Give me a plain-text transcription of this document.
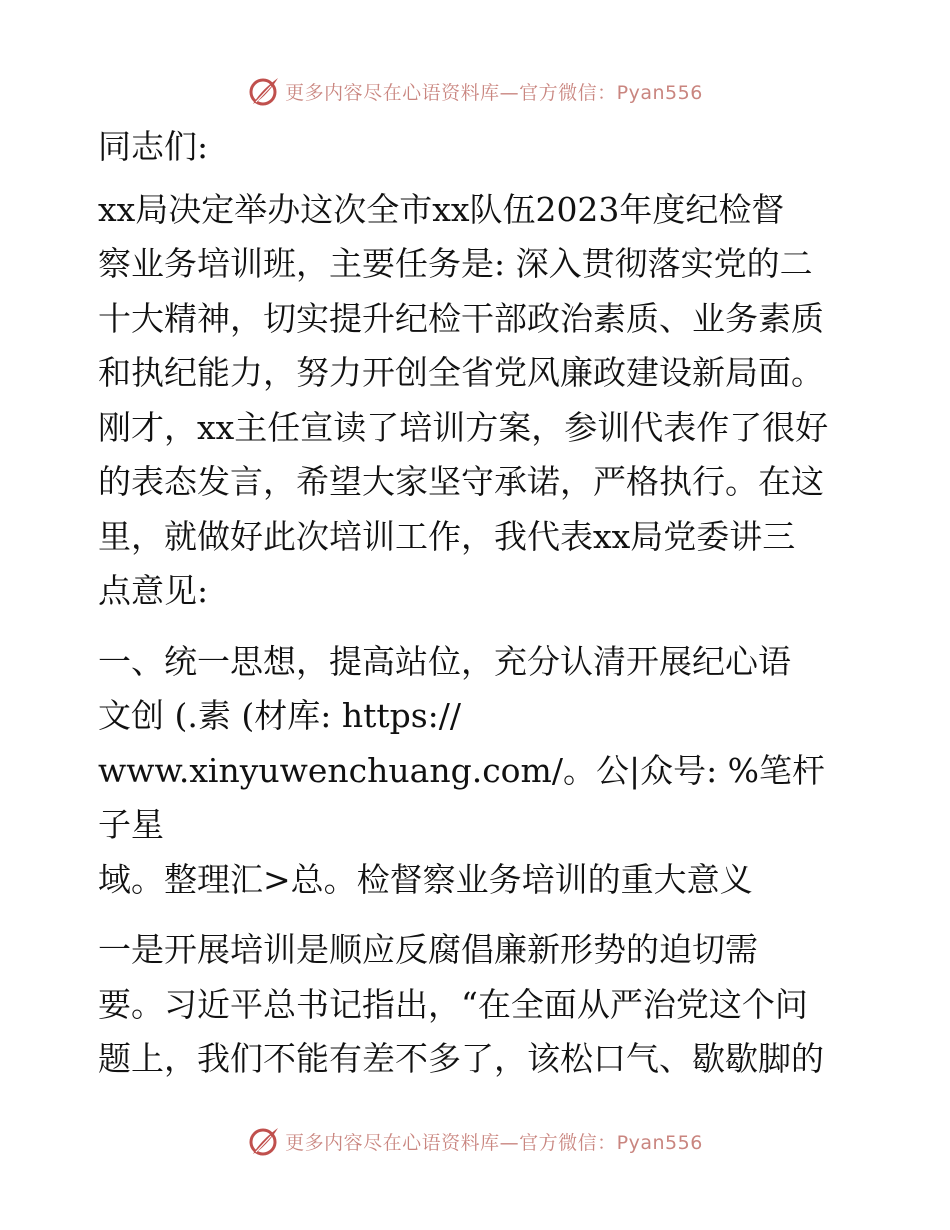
更多内容尽在心语资料库—官方微信：Pyan556

同志们:

xx局决定举办这次全市xx队伍2023年度纪检督
察业务培训班，主要任务是: 深入贯彻落实党的二
十大精神，切实提升纪检干部政治素质、业务素质
和执纪能力，努力开创全省党风廉政建设新局面。
刚才，xx主任宣读了培训方案，参训代表作了很好
的表态发言，希望大家坚守承诺，严格执行。在这
里，就做好此次培训工作，我代表xx局党委讲三
点意见:

一、统一思想，提高站位，充分认清开展纪心语
文创 (.素 (材库: https://
www.xinyuwenchuang.com/。公|众号: %笔杆子星
域。整理汇>总。检督察业务培训的重大意义

一是开展培训是顺应反腐倡廉新形势的迫切需
要。习近平总书记指出，“在全面从严治党这个问
题上，我们不能有差不多了，该松口气、歇歇脚的

更多内容尽在心语资料库—官方微信：Pyan556
